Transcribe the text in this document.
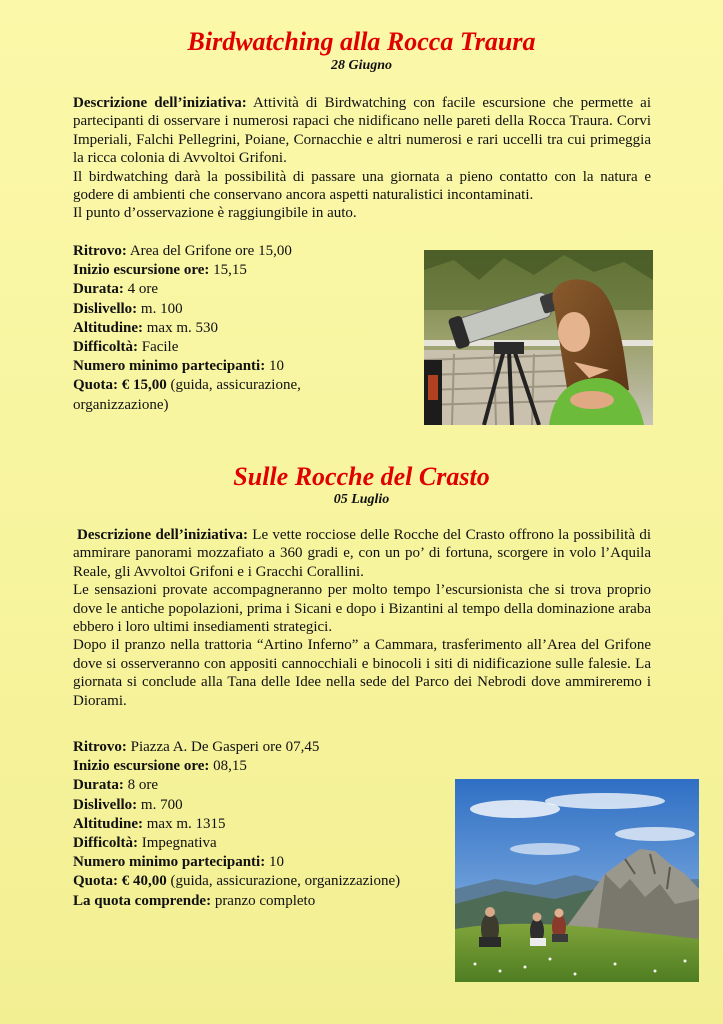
Birdwatching alla Rocca Traura
28 Giugno

Descrizione dell’iniziativa: Attività di Birdwatching con facile escursione che permette ai partecipanti di osservare i numerosi rapaci che nidificano nelle pareti della Rocca Traura. Corvi Imperiali, Falchi Pellegrini, Poiane, Cornacchie e altri numerosi e rari uccelli tra cui primeggia la ricca colonia di Avvoltoi Grifoni.

Il birdwatching darà la possibilità di passare una giornata a pieno contatto con la natura e godere di ambienti che conservano ancora aspetti naturalistici incontaminati.

Il punto d’osservazione è raggiungibile in auto.

Ritrovo: Area del Grifone ore 15,00
Inizio escursione ore: 15,15
Durata: 4 ore
Dislivello: m. 100
Altitudine: max m. 530
Difficoltà: Facile
Numero minimo partecipanti: 10
Quota: € 15,00 (guida, assicurazione,
organizzazione)
Sulle Rocche del Crasto
05 Luglio

Descrizione dell’iniziativa: Le vette rocciose delle Rocche del Crasto offrono la possibilità di ammirare panorami mozzafiato a 360 gradi e, con un po’ di fortuna, scorgere in volo l’Aquila Reale, gli Avvoltoi Grifoni e i Gracchi Corallini.

Le sensazioni provate accompagneranno per molto tempo l’escursionista che si trova proprio dove le antiche popolazioni, prima i Sicani e dopo i Bizantini al tempo della dominazione araba ebbero i loro ultimi insediamenti strategici.

Dopo il pranzo nella trattoria “Artino Inferno” a Cammara, trasferimento all’Area del Grifone dove si osserveranno con appositi cannocchiali e binocoli i siti di nidificazione sulle falesie. La giornata si conclude alla Tana delle Idee nella sede del Parco dei Nebrodi dove ammireremo i Diorami.

Ritrovo: Piazza A. De Gasperi ore 07,45
Inizio escursione ore: 08,15
Durata: 8 ore
Dislivello: m. 700
Altitudine: max m. 1315
Difficoltà: Impegnativa
Numero minimo partecipanti: 10
Quota: € 40,00 (guida, assicurazione, organizzazione)
La quota comprende: pranzo completo
